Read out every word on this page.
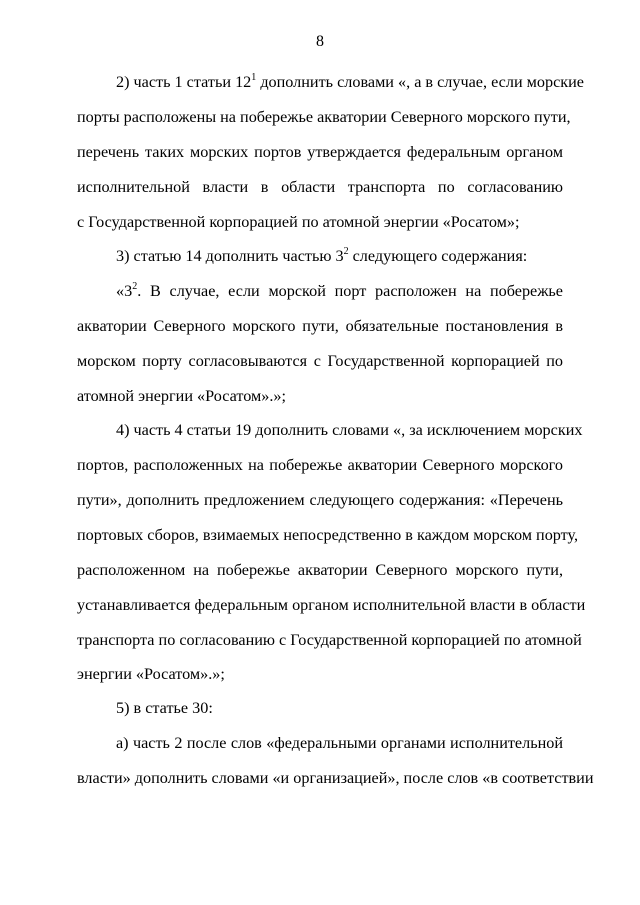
8
2) часть 1 статьи $12^1$ дополнить словами «, а в случае, если морские
порты расположены на побережье акватории Северного морского пути,
перечень таких морских портов утверждается федеральным органом
исполнительной власти в области транспорта по согласованию
с Государственной корпорацией по атомной энергии «Росатом»;
3) статью 14 дополнить частью $3^2$ следующего содержания:
«$3^2$. В случае, если морской порт расположен на побережье
акватории Северного морского пути, обязательные постановления в
морском порту согласовываются с Государственной корпорацией по
атомной энергии «Росатом».»;
4) часть 4 статьи 19 дополнить словами «, за исключением морских
портов, расположенных на побережье акватории Северного морского
пути», дополнить предложением следующего содержания: «Перечень
портовых сборов, взимаемых непосредственно в каждом морском порту,
расположенном на побережье акватории Северного морского пути,
устанавливается федеральным органом исполнительной власти в области
транспорта по согласованию с Государственной корпорацией по атомной
энергии «Росатом».»;
5) в статье 30:
а) часть 2 после слов «федеральными органами исполнительной
власти» дополнить словами «и организацией», после слов «в соответствии
